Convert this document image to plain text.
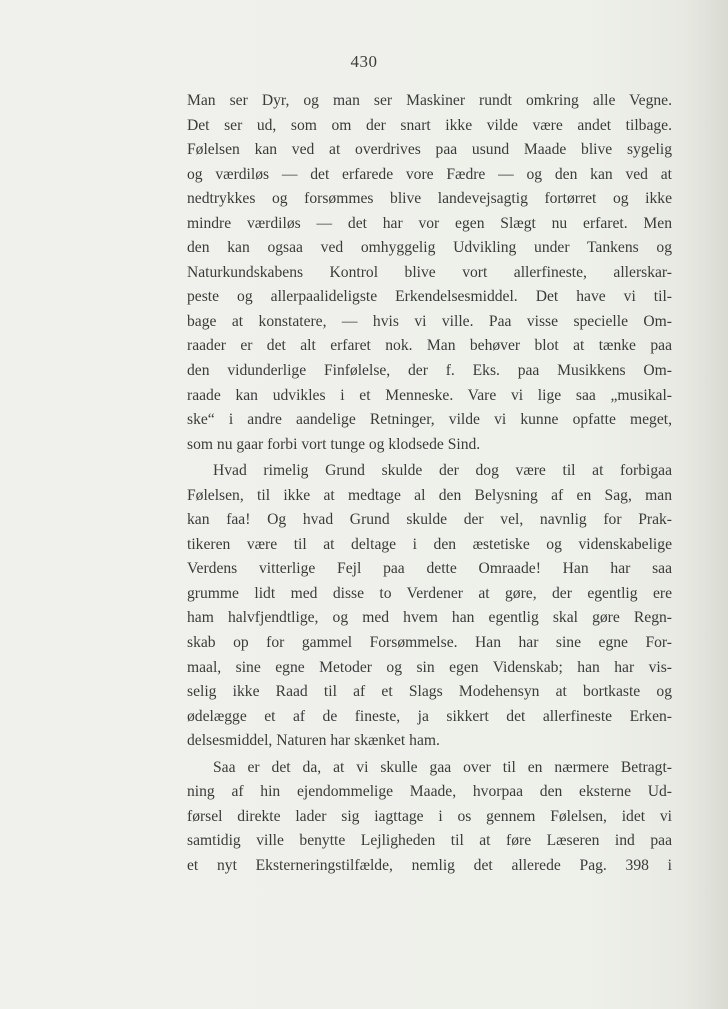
430
Man ser Dyr, og man ser Maskiner rundt omkring alle Vegne.
Det ser ud, som om der snart ikke vilde være andet tilbage.
Følelsen kan ved at overdrives paa usund Maade blive sygelig
og værdiløs — det erfarede vore Fædre — og den kan ved at
nedtrykkes og forsømmes blive landevejsagtig fortørret og ikke
mindre værdiløs — det har vor egen Slægt nu erfaret. Men
den kan ogsaa ved omhyggelig Udvikling under Tankens og
Naturkundskabens Kontrol blive vort allerfineste, allerskar-
peste og allerpaalideligste Erkendelsesmiddel. Det have vi til-
bage at konstatere, — hvis vi ville. Paa visse specielle Om-
raader er det alt erfaret nok. Man behøver blot at tænke paa
den vidunderlige Finfølelse, der f. Eks. paa Musikkens Om-
raade kan udvikles i et Menneske. Vare vi lige saa „musikal-
ske“ i andre aandelige Retninger, vilde vi kunne opfatte meget,
som nu gaar forbi vort tunge og klodsede Sind.
Hvad rimelig Grund skulde der dog være til at forbigaa
Følelsen, til ikke at medtage al den Belysning af en Sag, man
kan faa! Og hvad Grund skulde der vel, navnlig for Prak-
tikeren være til at deltage i den æstetiske og videnskabelige
Verdens vitterlige Fejl paa dette Omraade! Han har saa
grumme lidt med disse to Verdener at gøre, der egentlig ere
ham halvfjendtlige, og med hvem han egentlig skal gøre Regn-
skab op for gammel Forsømmelse. Han har sine egne For-
maal, sine egne Metoder og sin egen Videnskab; han har vis-
selig ikke Raad til af et Slags Modehensyn at bortkaste og
ødelægge et af de fineste, ja sikkert det allerfineste Erken-
delsesmiddel, Naturen har skænket ham.
Saa er det da, at vi skulle gaa over til en nærmere Betragt-
ning af hin ejendommelige Maade, hvorpaa den eksterne Ud-
førsel direkte lader sig iagttage i os gennem Følelsen, idet vi
samtidig ville benytte Lejligheden til at føre Læseren ind paa
et nyt Eksterneringstilfælde, nemlig det allerede Pag. 398 i
